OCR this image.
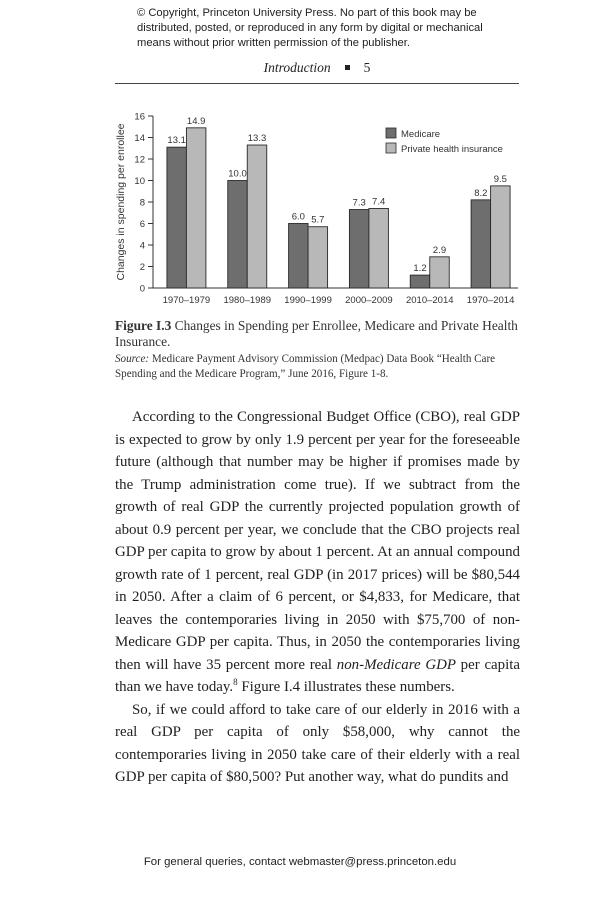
© Copyright, Princeton University Press. No part of this book may be distributed, posted, or reproduced in any form by digital or mechanical means without prior written permission of the publisher.
Introduction 5
0
2
4
6
8
10
12
14
16
Changes in spending per enrollee	13.1
14.9
1970–1979
10.0
13.3
1980–1989
6.0 5.7
1990–1999
7.3 7.4
2000–2009
1.2
2.9
2010–2014
8.2
9.5
1970–2014
Medicare
Private health insurance
Figure I.3 Changes in Spending per Enrollee, Medicare and Private Health Insurance.
Source: Medicare Payment Advisory Commission (Medpac) Data Book “Health Care Spending and the Medicare Program,” June 2016, Figure 1-8.

According to the Congressional Budget Office (CBO), real GDP is expected to grow by only 1.9 percent per year for the foreseeable future (although that number may be higher if promises made by the Trump administration come true). If we subtract from the growth of real GDP the currently projected population growth of about 0.9 percent per year, we conclude that the CBO projects real GDP per capita to grow by about 1 percent. At an annual compound growth rate of 1 percent, real GDP (in 2017 prices) will be $80,544 in 2050. After a claim of 6 percent, or $4,833, for Medicare, that leaves the contemporaries living in 2050 with $75,700 of non-Medicare GDP per capita. Thus, in 2050 the contemporaries living then will have 35 percent more real non-Medicare GDP per capita than we have today.$^8$ Figure I.4 illustrates these numbers.

So, if we could afford to take care of our elderly in 2016 with a real GDP per capita of only $58,000, why cannot the contemporaries living in 2050 take care of their elderly with a real GDP per capita of $80,500? Put another way, what do pundits and

For general queries, contact webmaster@press.princeton.edu
